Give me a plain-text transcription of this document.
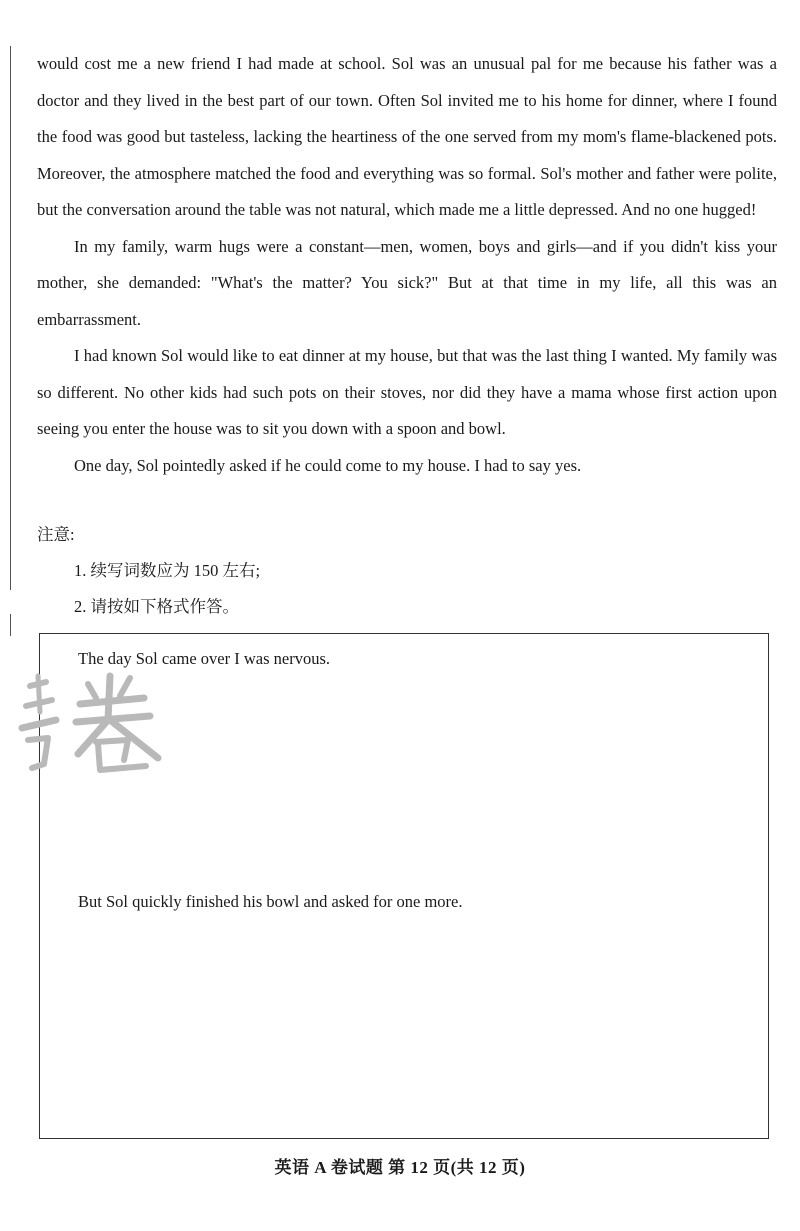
would cost me a new friend I had made at school. Sol was an unusual pal for me because his father was a doctor and they lived in the best part of our town. Often Sol invited me to his home for dinner, where I found the food was good but tasteless, lacking the heartiness of the one served from my mom's flame-blackened pots. Moreover, the atmosphere matched the food and everything was so formal. Sol's mother and father were polite, but the conversation around the table was not natural, which made me a little depressed. And no one hugged!

In my family, warm hugs were a constant—men, women, boys and girls—and if you didn't kiss your mother, she demanded: "What's the matter? You sick?" But at that time in my life, all this was an embarrassment.

I had known Sol would like to eat dinner at my house, but that was the last thing I wanted. My family was so different. No other kids had such pots on their stoves, nor did they have a mama whose first action upon seeing you enter the house was to sit you down with a spoon and bowl.

One day, Sol pointedly asked if he could come to my house. I had to say yes.

注意:
1. 续写词数应为 150 左右;
2. 请按如下格式作答。
The day Sol came over I was nervous.
But Sol quickly finished his bowl and asked for one more.
英语 A 卷试题 第 12 页(共 12 页)
